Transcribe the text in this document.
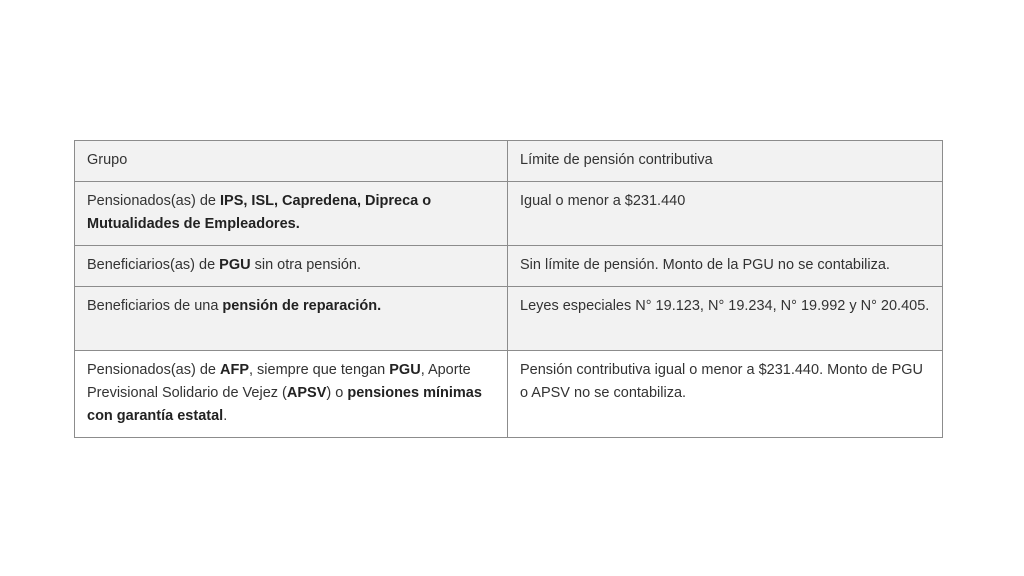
Grupo	Límite de pensión contributiva
Pensionados(as) de IPS, ISL, Capredena, Dipreca o Mutualidades de Empleadores.	Igual o menor a $231.440
Beneficiarios(as) de PGU sin otra pensión.	Sin límite de pensión. Monto de la PGU no se contabiliza.
Beneficiarios de una pensión de reparación.	Leyes especiales N° 19.123, N° 19.234, N° 19.992 y N° 20.405.
Pensionados(as) de AFP, siempre que tengan PGU, Aporte Previsional Solidario de Vejez (APSV) o pensiones mínimas con garantía estatal.	Pensión contributiva igual o menor a $231.440. Monto de PGU o APSV no se contabiliza.
